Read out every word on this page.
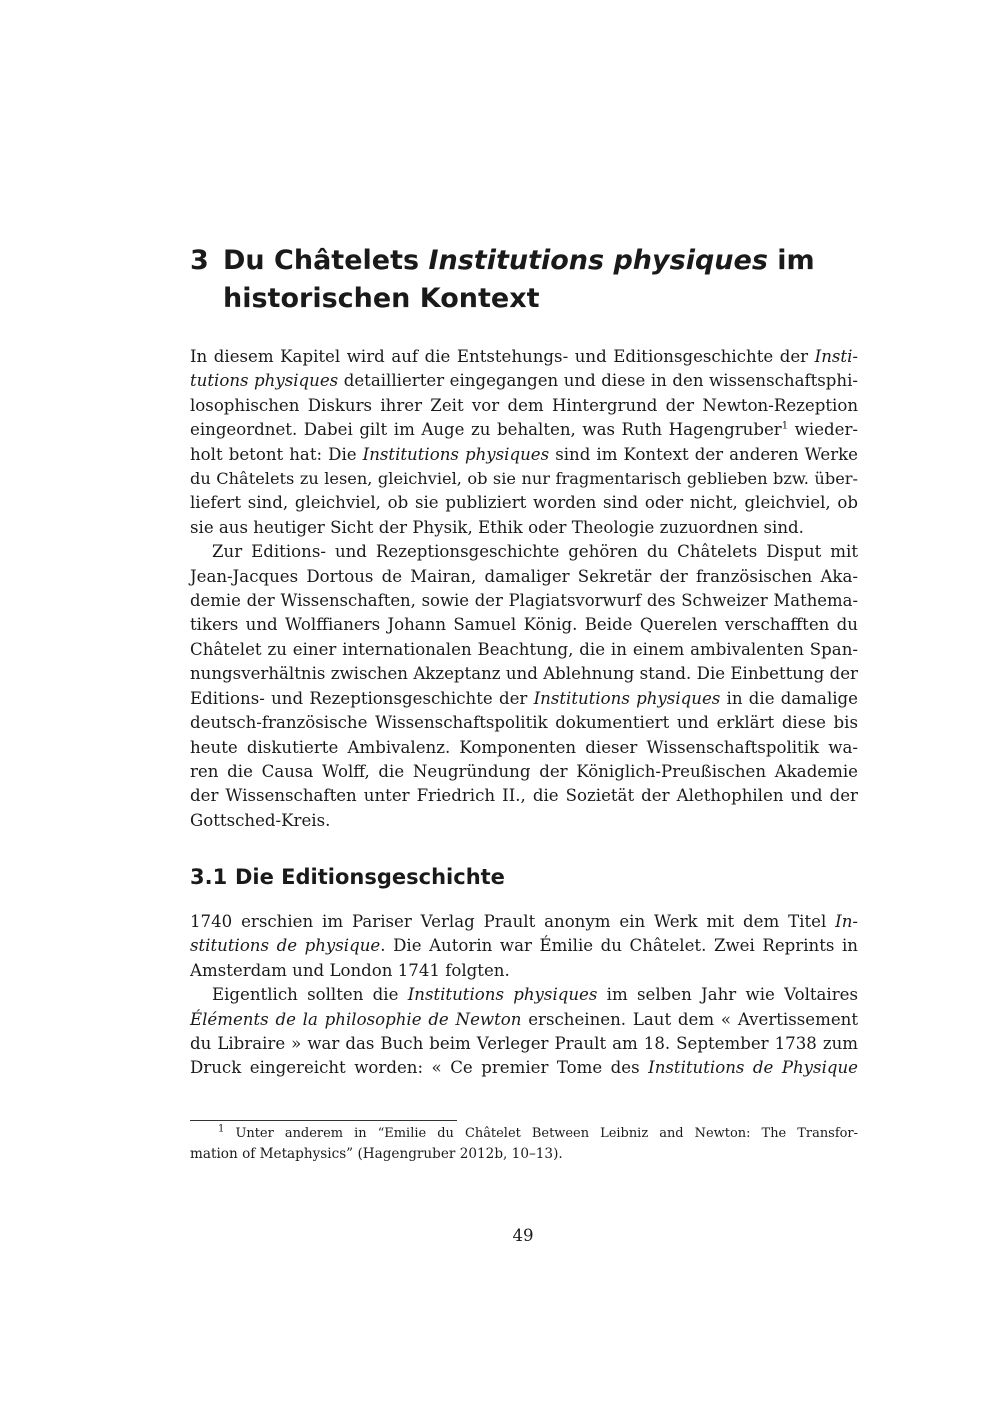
3 Du Châtelets Institutions physiques im
historischen Kontext

In diesem Kapitel wird auf die Entstehungs- und Editionsgeschichte der Insti-
tutions physiques detaillierter eingegangen und diese in den wissenschaftsphi-
losophischen Diskurs ihrer Zeit vor dem Hintergrund der Newton-Rezeption
eingeordnet. Dabei gilt im Auge zu behalten, was Ruth Hagengruber$^1$ wieder-
holt betont hat: Die Institutions physiques sind im Kontext der anderen Werke
du Châtelets zu lesen, gleichviel, ob sie nur fragmentarisch geblieben bzw. über-
liefert sind, gleichviel, ob sie publiziert worden sind oder nicht, gleichviel, ob
sie aus heutiger Sicht der Physik, Ethik oder Theologie zuzuordnen sind.

Zur Editions- und Rezeptionsgeschichte gehören du Châtelets Disput mit
Jean-Jacques Dortous de Mairan, damaliger Sekretär der französischen Aka-
demie der Wissenschaften, sowie der Plagiatsvorwurf des Schweizer Mathema-
tikers und Wolffianers Johann Samuel König. Beide Querelen verschafften du
Châtelet zu einer internationalen Beachtung, die in einem ambivalenten Span-
nungsverhältnis zwischen Akzeptanz und Ablehnung stand. Die Einbettung der
Editions- und Rezeptionsgeschichte der Institutions physiques in die damalige
deutsch-französische Wissenschaftspolitik dokumentiert und erklärt diese bis
heute diskutierte Ambivalenz. Komponenten dieser Wissenschaftspolitik wa-
ren die Causa Wolff, die Neugründung der Königlich-Preußischen Akademie
der Wissenschaften unter Friedrich II., die Sozietät der Alethophilen und der
Gottsched-Kreis.

3.1 Die Editionsgeschichte

1740 erschien im Pariser Verlag Prault anonym ein Werk mit dem Titel In-
stitutions de physique. Die Autorin war Émilie du Châtelet. Zwei Reprints in
Amsterdam und London 1741 folgten.

Eigentlich sollten die Institutions physiques im selben Jahr wie Voltaires
Éléments de la philosophie de Newton erscheinen. Laut dem « Avertissement
du Libraire » war das Buch beim Verleger Prault am 18. September 1738 zum
Druck eingereicht worden: « Ce premier Tome des Institutions de Physique

$^1$ Unter anderem in “Emilie du Châtelet Between Leibniz and Newton: The Transfor-
mation of Metaphysics” (Hagengruber 2012b, 10–13).

49
